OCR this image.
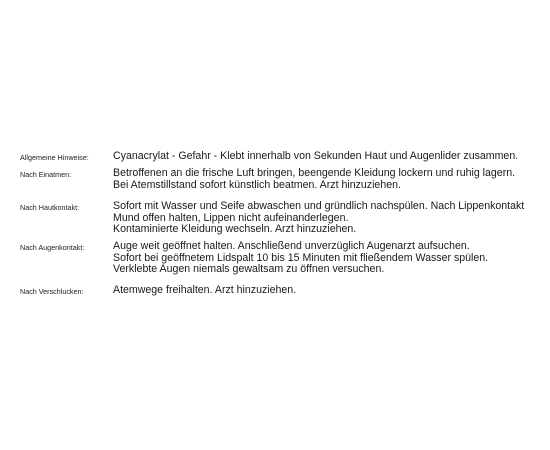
Allgemeine Hinweise:	Cyanacrylat - Gefahr - Klebt innerhalb von Sekunden Haut und Augenlider zusammen.
Nach Einatmen:	Betroffenen an die frische Luft bringen, beengende Kleidung lockern und ruhig lagern.
Bei Atemstillstand sofort künstlich beatmen. Arzt hinzuziehen.
Nach Hautkontakt:	Sofort mit Wasser und Seife abwaschen und gründlich nachspülen. Nach Lippenkontakt
Mund offen halten, Lippen nicht aufeinanderlegen.
Kontaminierte Kleidung wechseln. Arzt hinzuziehen.
Nach Augenkontakt:	Auge weit geöffnet halten. Anschließend unverzüglich Augenarzt aufsuchen.
Sofort bei geöffnetem Lidspalt 10 bis 15 Minuten mit fließendem Wasser spülen.
Verklebte Augen niemals gewaltsam zu öffnen versuchen.
Nach Verschlucken:	Atemwege freihalten. Arzt hinzuziehen.
